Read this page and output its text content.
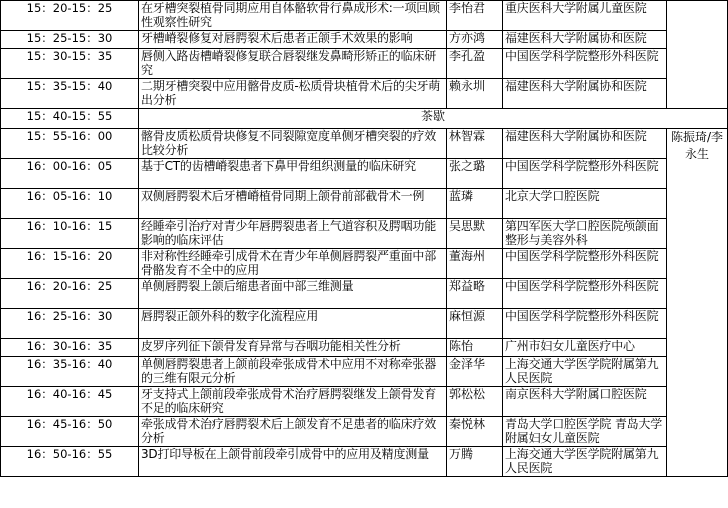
15：20-15：25	在牙槽突裂植骨同期应用自体骼软骨行鼻成形术:一项回顾性观察性研究	李怡君	重庆医科大学附属儿童医院	
15：25-15：30	牙槽嵴裂修复对唇腭裂术后患者正颌手术效果的影响	方亦鸿	福建医科大学附属协和医院	
15：30-15：35	唇侧入路齿槽嵴裂修复联合唇裂继发鼻畸形矫正的临床研究	李孔盈	中国医学科学院整形外科医院	
15：35-15：40	二期牙槽突裂中应用髂骨皮质-松质骨块植骨术后的尖牙萌出分析	赖永圳	福建医科大学附属协和医院	
15：40-15：55	茶歇			
15：55-16：00	髂骨皮质松质骨块修复不同裂隙宽度单侧牙槽突裂的疗效比较分析	林智霖	福建医科大学附属协和医院	陈振琦/李永生
16：00-16：05	基于CT的齿槽嵴裂患者下鼻甲骨组织测量的临床研究	张之璐	中国医学科学院整形外科医院	
16：05-16：10	双侧唇腭裂术后牙槽嵴植骨同期上颌骨前部截骨术一例	蓝璘	北京大学口腔医院	
16：10-16：15	经睡牵引治疗对青少年唇腭裂患者上气道容积及腭咽功能影响的临床评估	吴思默	第四军医大学口腔医院颅颌面整形与美容外科	
16：15-16：20	非对称性经睡牵引成骨术在青少年单侧唇腭裂严重面中部骨骼发育不全中的应用	董海州	中国医学科学院整形外科医院	
16：20-16：25	单侧唇腭裂上颌后缩患者面中部三维测量	郑益略	中国医学科学院整形外科医院	
16：25-16：30	唇腭裂正颌外科的数字化流程应用	麻恒源	中国医学科学院整形外科医院	
16：30-16：35	皮罗序列征下颌骨发育异常与吞咽功能相关性分析	陈怡	广州市妇女儿童医疗中心	
16：35-16：40	单侧唇腭裂患者上颌前段牵张成骨术中应用不对称牵张器的三维有限元分析	金泽华	上海交通大学医学院附属第九人民医院	
16：40-16：45	牙支持式上颌前段牵张成骨术治疗唇腭裂继发上颌骨发育不足的临床研究	郭松松	南京医科大学附属口腔医院	
16：45-16：50	牵张成骨术治疗唇腭裂术后上颌发育不足患者的临床疗效分析	秦悦林	青岛大学口腔医学院 青岛大学附属妇女儿童医院	
16：50-16：55	3D打印导板在上颌骨前段牵引成骨中的应用及精度测量	万腾	上海交通大学医学院附属第九人民医院	
